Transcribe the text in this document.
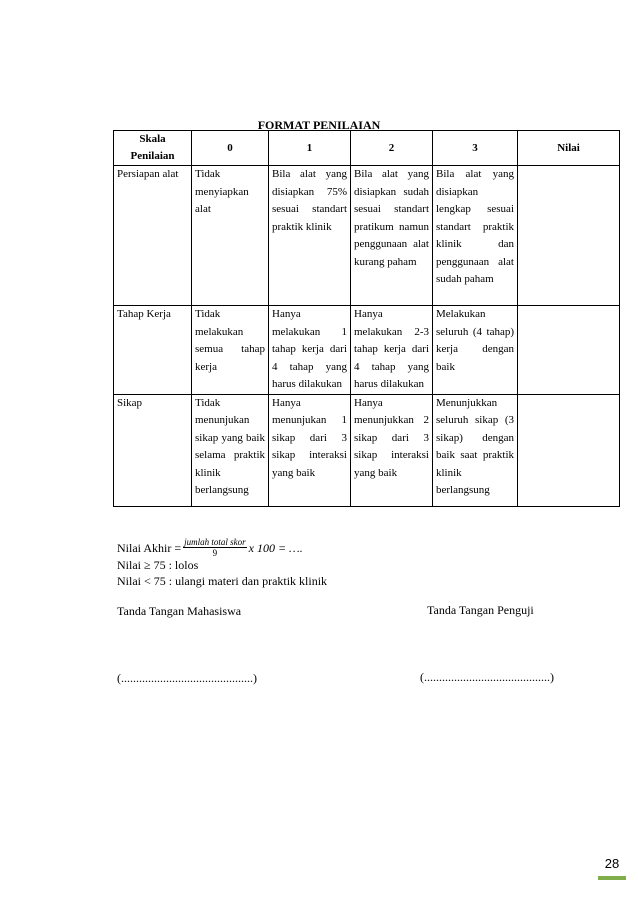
FORMAT PENILAIAN
Skala Penilaian	0	1	2	3	Nilai
Persiapan alat	Tidak menyiapkan alat	Bila alat yang disiapkan 75% sesuai standart praktik klinik	Bila alat yang disiapkan sudah sesuai standart pratikum namun penggunaan alat kurang paham	Bila alat yang disiapkan lengkap sesuai standart praktik klinik dan penggunaan alat sudah paham	
Tahap Kerja	Tidak melakukan semua tahap kerja	Hanya melakukan 1 tahap kerja dari 4 tahap yang harus dilakukan	Hanya melakukan 2-3 tahap kerja dari 4 tahap yang harus dilakukan	Melakukan seluruh (4 tahap) kerja dengan baik	
Sikap	Tidak menunjukan sikap yang baik selama praktik klinik berlangsung	Hanya menunjukan 1 sikap dari 3 sikap interaksi yang baik	Hanya menunjukkan 2 sikap dari 3 sikap interaksi yang baik	Menunjukkan seluruh sikap (3 sikap) dengan baik saat praktik klinik berlangsung	
Nilai Akhir = $\frac{\text{jumlah total skor}}{9}$ x 100 = ….
Nilai ≥ 75 : lolos
Nilai < 75 : ulangi materi dan praktik klinik
Tanda Tangan Mahasiswa	Tanda Tangan Penguji
(............................................)	(..........................................)
28
